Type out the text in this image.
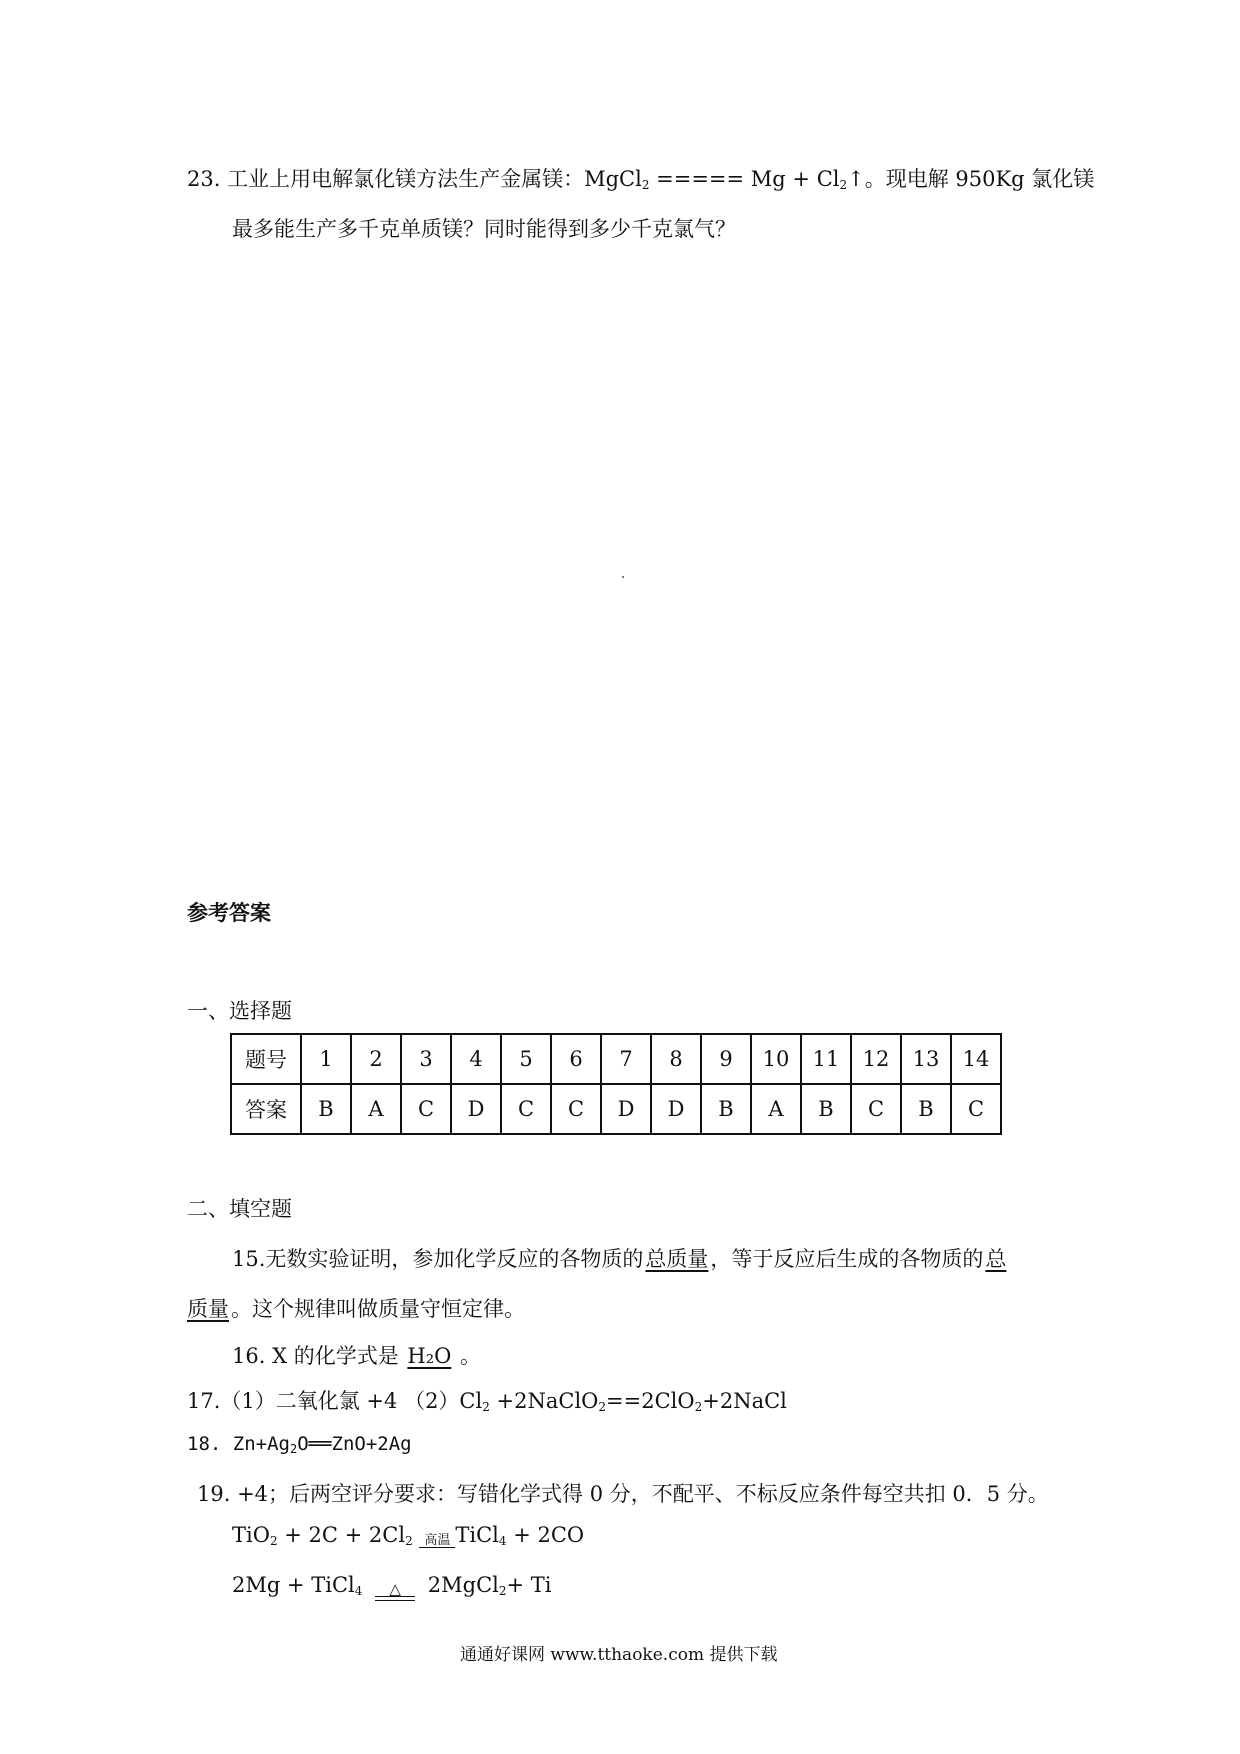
23. 工业上用电解氯化镁方法生产金属镁：MgCl$_2$ ===== $Mg + Cl_2↑$。现电解 950Kg 氯化镁
最多能生产多千克单质镁？同时能得到多少千克氯气？
参考答案
一、选择题
题号	1	2	3	4	5	6	7	8	9	10	11	12	13	14
答案	B	A	C	D	C	C	D	D	B	A	B	C	B	C
二、填空题
15.无数实验证明，参加化学反应的各物质的总质量，等于反应后生成的各物质的总
质量。这个规律叫做质量守恒定律。
16. X 的化学式是 H₂O 。
17.（1）二氧化氯 +4 $(2)Cl_2$ +2NaClO$_2$==2ClO$_2$+2NaCl
18. $Zn+Ag_2O══ZnO+2Ag$
19. +4；后两空评分要求：写错化学式得 0 分，不配平、不标反应条件每空共扣 0．5 分。
$TiO_2 + 2C + 2Cl_2$ 高温 TiCl$_4$ + 2CO
2Mg + TiCl$_4$	△ 2MgCl$_2$+ Ti
通通好课网 www.tthaoke.com 提供下载
